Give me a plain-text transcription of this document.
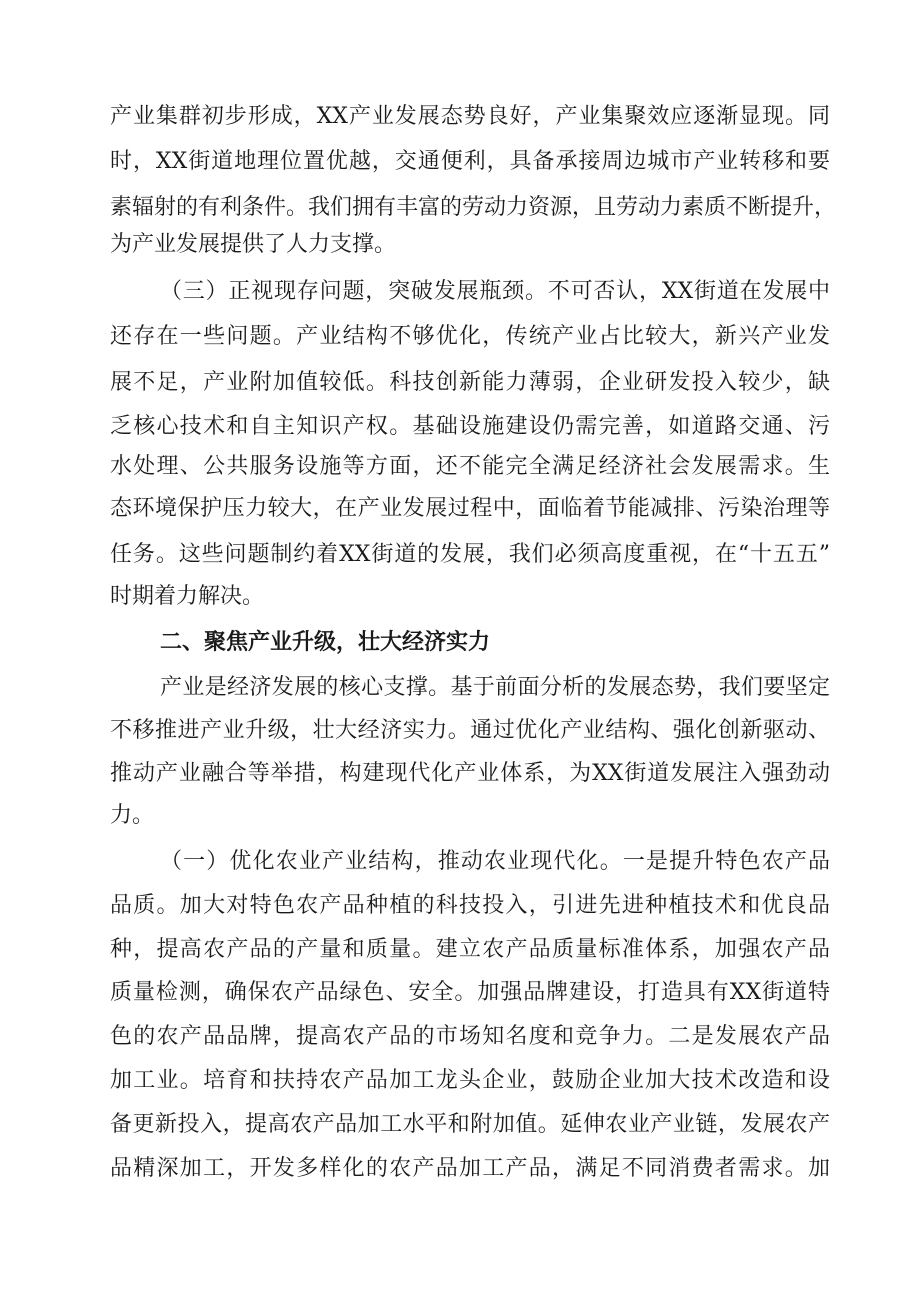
产业集群初步形成，XX产业发展态势良好，产业集聚效应逐渐显现。同

时，XX街道地理位置优越，交通便利，具备承接周边城市产业转移和要

素辐射的有利条件。我们拥有丰富的劳动力资源，且劳动力素质不断提升，

为产业发展提供了人力支撑。

（三）正视现存问题，突破发展瓶颈。不可否认，XX街道在发展中

还存在一些问题。产业结构不够优化，传统产业占比较大，新兴产业发

展不足，产业附加值较低。科技创新能力薄弱，企业研发投入较少，缺

乏核心技术和自主知识产权。基础设施建设仍需完善，如道路交通、污

水处理、公共服务设施等方面，还不能完全满足经济社会发展需求。生

态环境保护压力较大，在产业发展过程中，面临着节能减排、污染治理等

任务。这些问题制约着XX街道的发展，我们必须高度重视，在“十五五”

时期着力解决。

二、聚焦产业升级，壮大经济实力

产业是经济发展的核心支撑。基于前面分析的发展态势，我们要坚定

不移推进产业升级，壮大经济实力。通过优化产业结构、强化创新驱动、

推动产业融合等举措，构建现代化产业体系，为XX街道发展注入强劲动

力。

（一）优化农业产业结构，推动农业现代化。一是提升特色农产品

品质。加大对特色农产品种植的科技投入，引进先进种植技术和优良品

种，提高农产品的产量和质量。建立农产品质量标准体系，加强农产品

质量检测，确保农产品绿色、安全。加强品牌建设，打造具有XX街道特

色的农产品品牌，提高农产品的市场知名度和竞争力。二是发展农产品

加工业。培育和扶持农产品加工龙头企业，鼓励企业加大技术改造和设

备更新投入，提高农产品加工水平和附加值。延伸农业产业链，发展农产

品精深加工，开发多样化的农产品加工产品，满足不同消费者需求。加
